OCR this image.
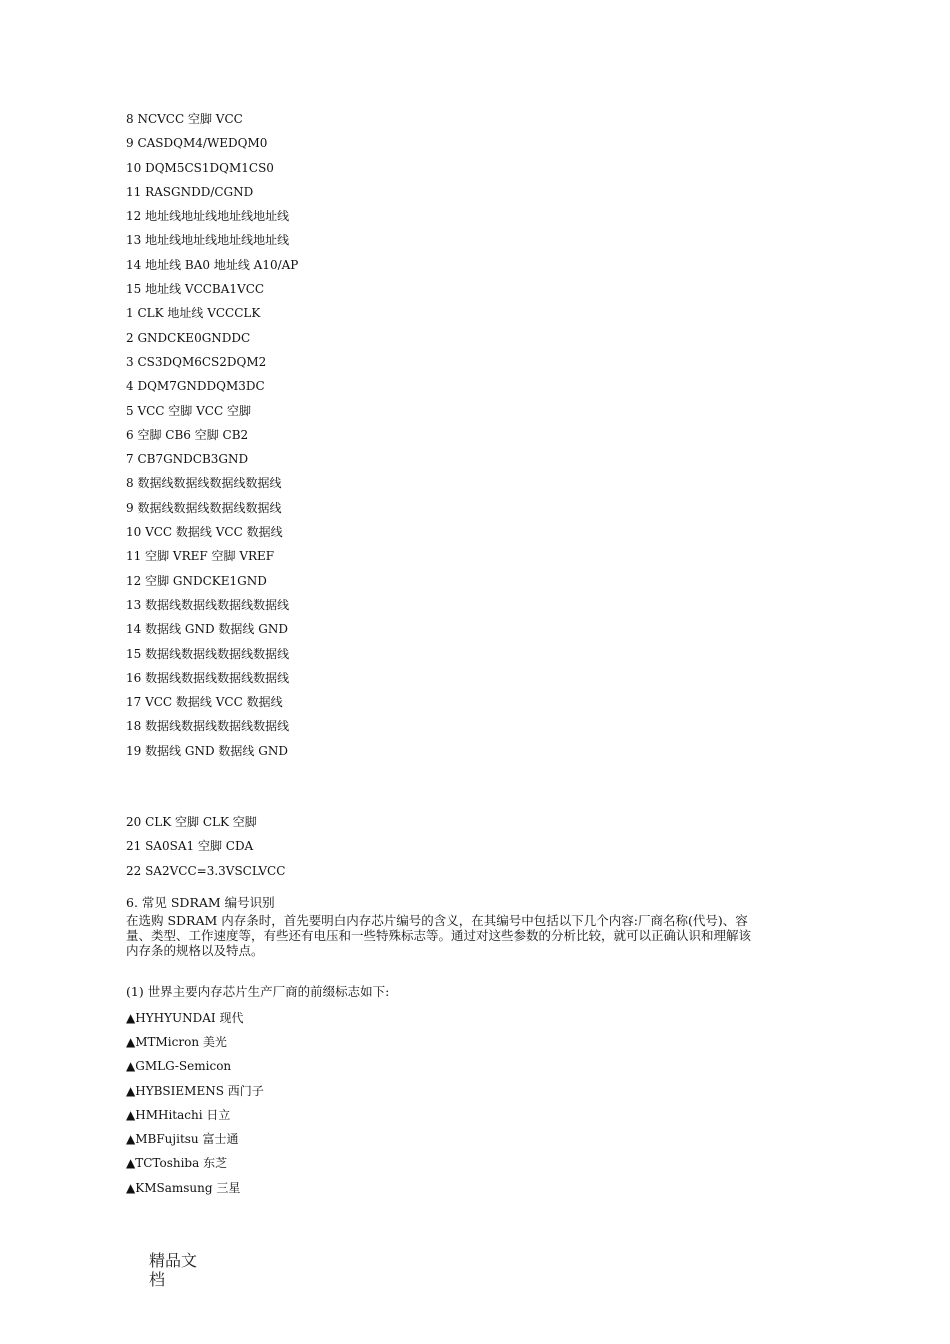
8 NCVCC 空脚 VCC
9 CASDQM4/WEDQM0
10 DQM5CS1DQM1CS0
11 RASGNDD/CGND
12 地址线地址线地址线地址线
13 地址线地址线地址线地址线
14 地址线 BA0 地址线 A10/AP
15 地址线 VCCBA1VCC
1 CLK 地址线 VCCCLK
2 GNDCKE0GNDDC
3 CS3DQM6CS2DQM2
4 DQM7GNDDQM3DC
5 VCC 空脚 VCC 空脚
6 空脚 CB6 空脚 CB2
7 CB7GNDCB3GND
8 数据线数据线数据线数据线
9 数据线数据线数据线数据线
10 VCC 数据线 VCC 数据线
11 空脚 VREF 空脚 VREF
12 空脚 GNDCKE1GND
13 数据线数据线数据线数据线
14 数据线 GND 数据线 GND
15 数据线数据线数据线数据线
16 数据线数据线数据线数据线
17 VCC 数据线 VCC 数据线
18 数据线数据线数据线数据线
19 数据线 GND 数据线 GND
20 CLK 空脚 CLK 空脚
21 SA0SA1 空脚 CDA
22 SA2VCC=3.3VSCLVCC
6. 常见 SDRAM 编号识别
在选购 SDRAM 内存条时，首先要明白内存芯片编号的含义，在其编号中包括以下几个内容:厂商名称(代号)、容量、类型、工作速度等，有些还有电压和一些特殊标志等。通过对这些参数的分析比较，就可以正确认识和理解该内存条的规格以及特点。
(1) 世界主要内存芯片生产厂商的前缀标志如下:
▲HYHYUNDAI 现代
▲MTMicron 美光
▲GMLG-Semicon
▲HYBSIEMENS 西门子
▲HMHitachi 日立
▲MBFujitsu 富士通
▲TCToshiba 东芝
▲KMSamsung 三星
精品文档
